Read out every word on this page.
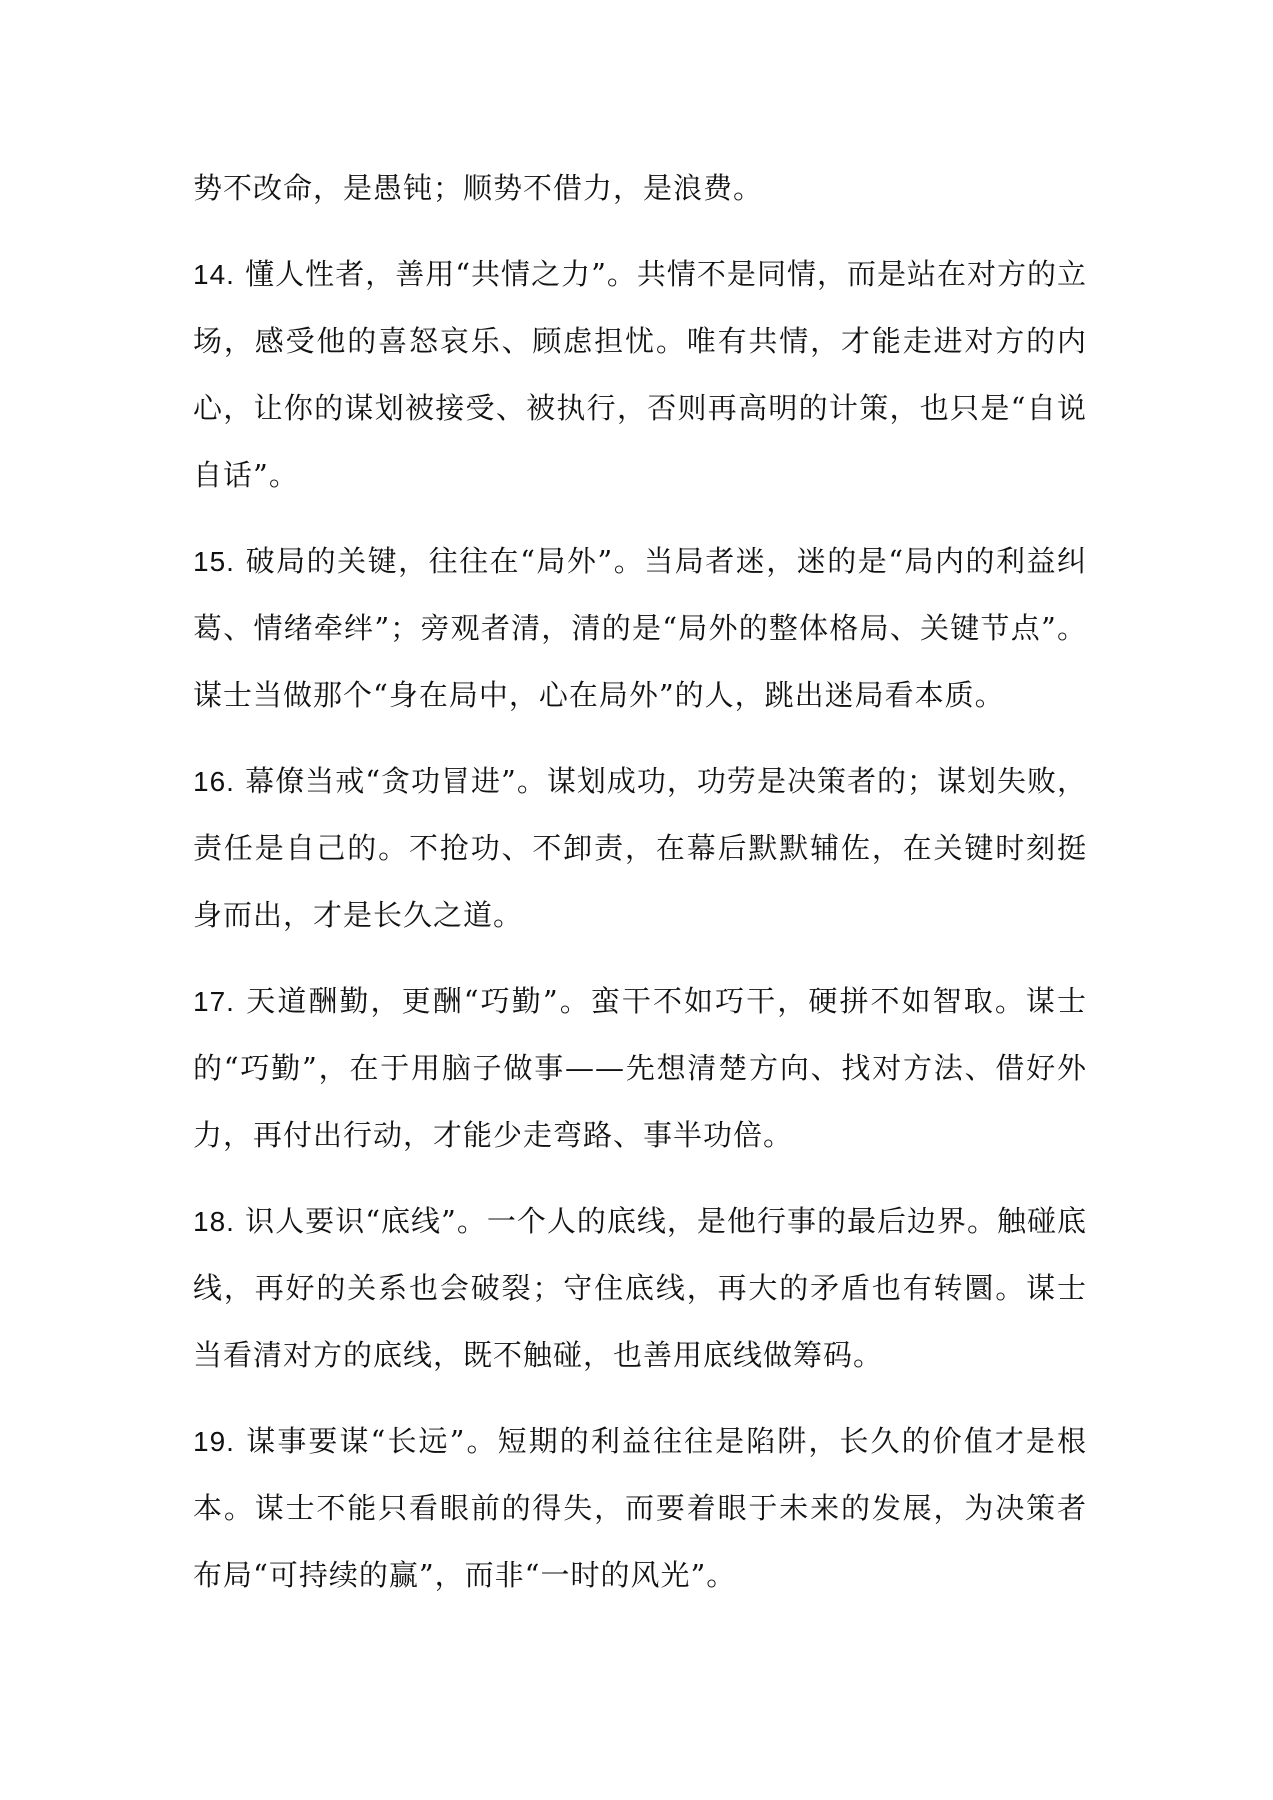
势不改命，是愚钝；顺势不借力，是浪费。

14. 懂人性者，善用“共情之力”。共情不是同情，而是站在对方的立场，感受他的喜怒哀乐、顾虑担忧。唯有共情，才能走进对方的内心，让你的谋划被接受、被执行，否则再高明的计策，也只是“自说自话”。

15. 破局的关键，往往在“局外”。当局者迷，迷的是“局内的利益纠葛、情绪牵绊”；旁观者清，清的是“局外的整体格局、关键节点”。谋士当做那个“身在局中，心在局外”的人，跳出迷局看本质。

16. 幕僚当戒“贪功冒进”。谋划成功，功劳是决策者的；谋划失败，责任是自己的。不抢功、不卸责，在幕后默默辅佐，在关键时刻挺身而出，才是长久之道。

17. 天道酬勤，更酬“巧勤”。蛮干不如巧干，硬拼不如智取。谋士的“巧勤”，在于用脑子做事——先想清楚方向、找对方法、借好外力，再付出行动，才能少走弯路、事半功倍。

18. 识人要识“底线”。一个人的底线，是他行事的最后边界。触碰底线，再好的关系也会破裂；守住底线，再大的矛盾也有转圜。谋士当看清对方的底线，既不触碰，也善用底线做筹码。

19. 谋事要谋“长远”。短期的利益往往是陷阱，长久的价值才是根本。谋士不能只看眼前的得失，而要着眼于未来的发展，为决策者布局“可持续的赢”，而非“一时的风光”。
